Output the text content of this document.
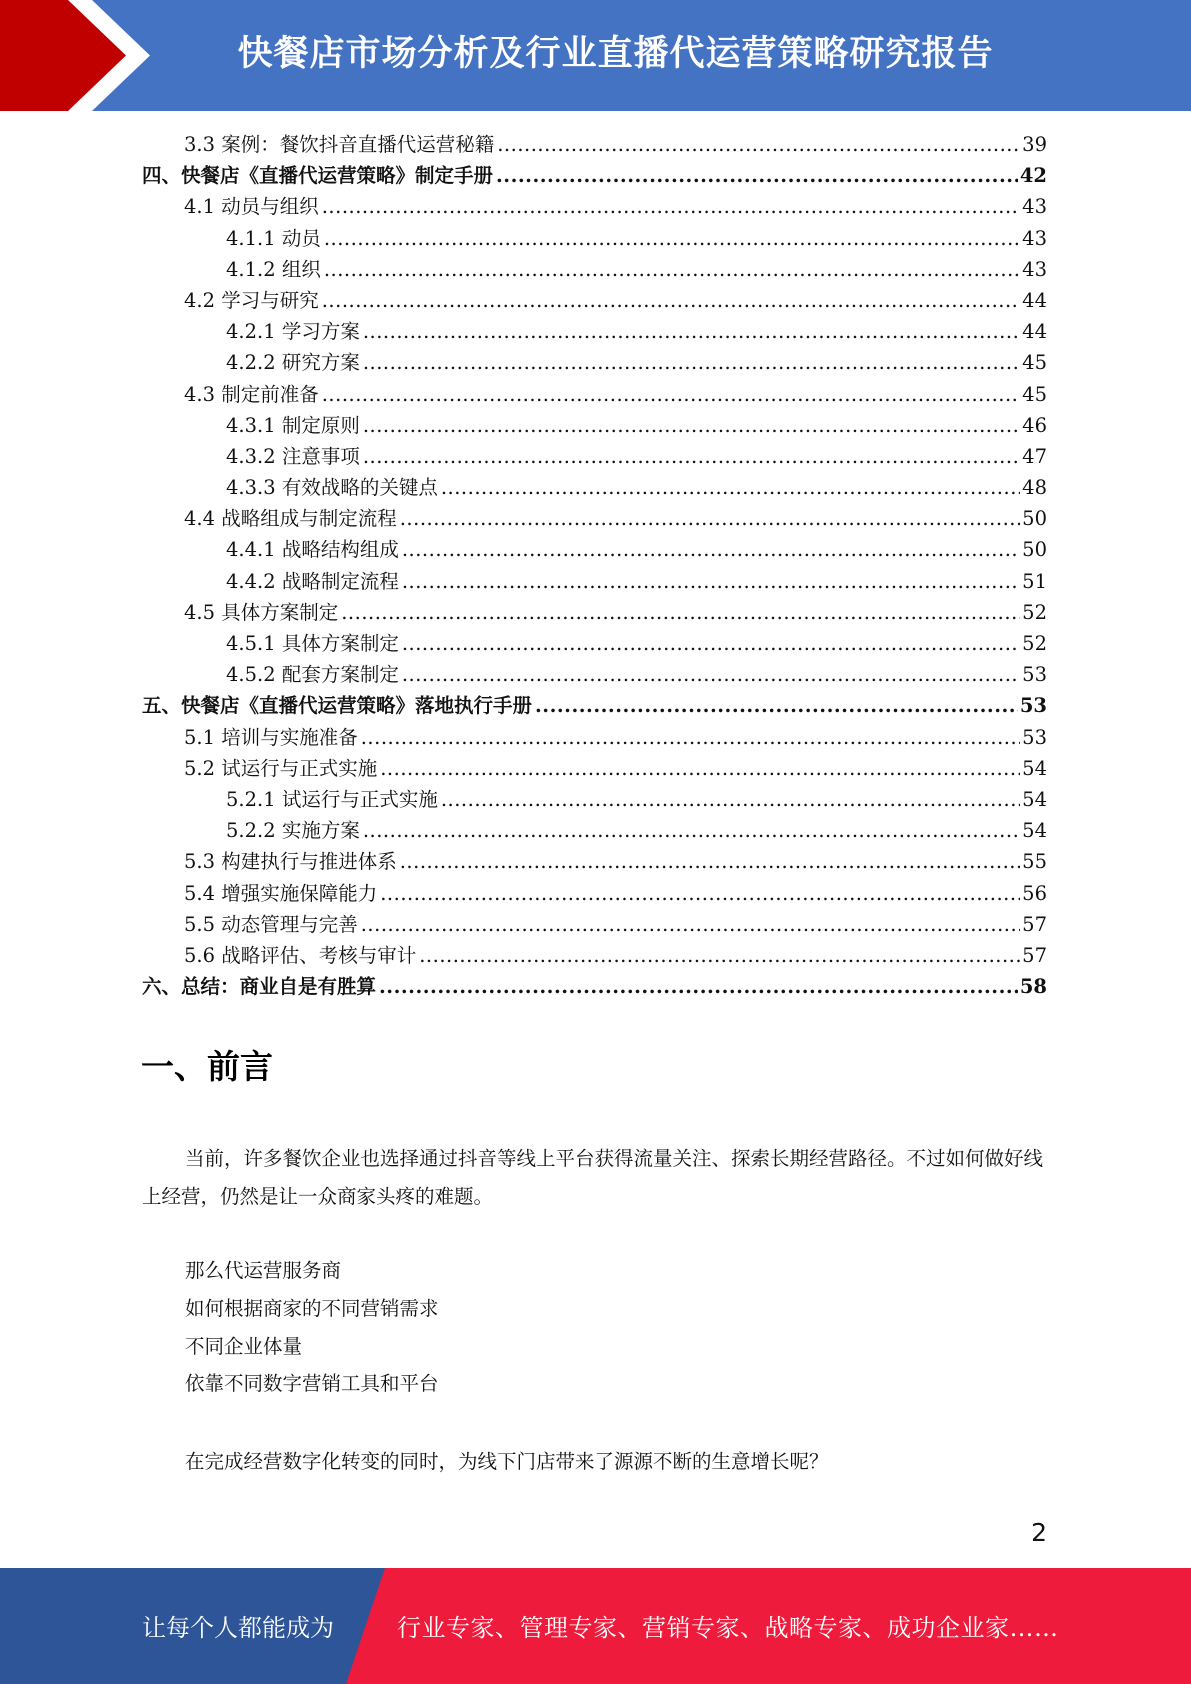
快餐店市场分析及行业直播代运营策略研究报告
3.3 案例：餐饮抖音直播代运营秘籍 .....	39
四、快餐店《直播代运营策略》制定手册 .....	42
4.1 动员与组织 .....	43
4.1.1 动员 .....	43
4.1.2 组织 .....	43
4.2 学习与研究 .....	44
4.2.1 学习方案 .....	44
4.2.2 研究方案 .....	45
4.3 制定前准备 .....	45
4.3.1 制定原则 .....	46
4.3.2 注意事项 .....	47
4.3.3 有效战略的关键点 .....	48
4.4 战略组成与制定流程 .....	50
4.4.1 战略结构组成 .....	50
4.4.2 战略制定流程 .....	51
4.5 具体方案制定 .....	52
4.5.1 具体方案制定 .....	52
4.5.2 配套方案制定 .....	53
五、快餐店《直播代运营策略》落地执行手册 .....	53
5.1 培训与实施准备 .....	53
5.2 试运行与正式实施 .....	54
5.2.1 试运行与正式实施 .....	54
5.2.2 实施方案 .....	54
5.3 构建执行与推进体系 .....	55
5.4 增强实施保障能力 .....	56
5.5 动态管理与完善 .....	57
5.6 战略评估、考核与审计 .....	57
六、总结：商业自是有胜算 .....	58
一、前言

当前，许多餐饮企业也选择通过抖音等线上平台获得流量关注、探索长期经营路径。不过如何做好线上经营，仍然是让一众商家头疼的难题。

那么代运营服务商
如何根据商家的不同营销需求
不同企业体量
依靠不同数字营销工具和平台

在完成经营数字化转变的同时，为线下门店带来了源源不断的生意增长呢？

2
让每个人都能成为	行业专家、管理专家、营销专家、战略专家、成功企业家……
